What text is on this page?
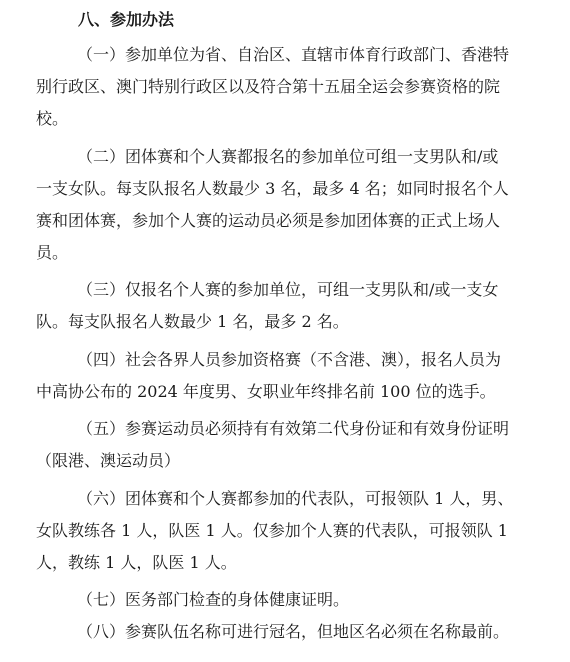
八、参加办法
（一）参加单位为省、自治区、直辖市体育行政部门、香港特
别行政区、澳门特别行政区以及符合第十五届全运会参赛资格的院
校。
（二）团体赛和个人赛都报名的参加单位可组一支男队和/或
一支女队。每支队报名人数最少 3 名，最多 4 名；如同时报名个人
赛和团体赛，参加个人赛的运动员必须是参加团体赛的正式上场人
员。
（三）仅报名个人赛的参加单位，可组一支男队和/或一支女
队。每支队报名人数最少 1 名，最多 2 名。
（四）社会各界人员参加资格赛（不含港、澳），报名人员为
中高协公布的 2024 年度男、女职业年终排名前 100 位的选手。
（五）参赛运动员必须持有有效第二代身份证和有效身份证明
（限港、澳运动员）
（六）团体赛和个人赛都参加的代表队，可报领队 1 人，男、
女队教练各 1 人，队医 1 人。仅参加个人赛的代表队，可报领队 1
人，教练 1 人，队医 1 人。
（七）医务部门检查的身体健康证明。
（八）参赛队伍名称可进行冠名，但地区名必须在名称最前。
